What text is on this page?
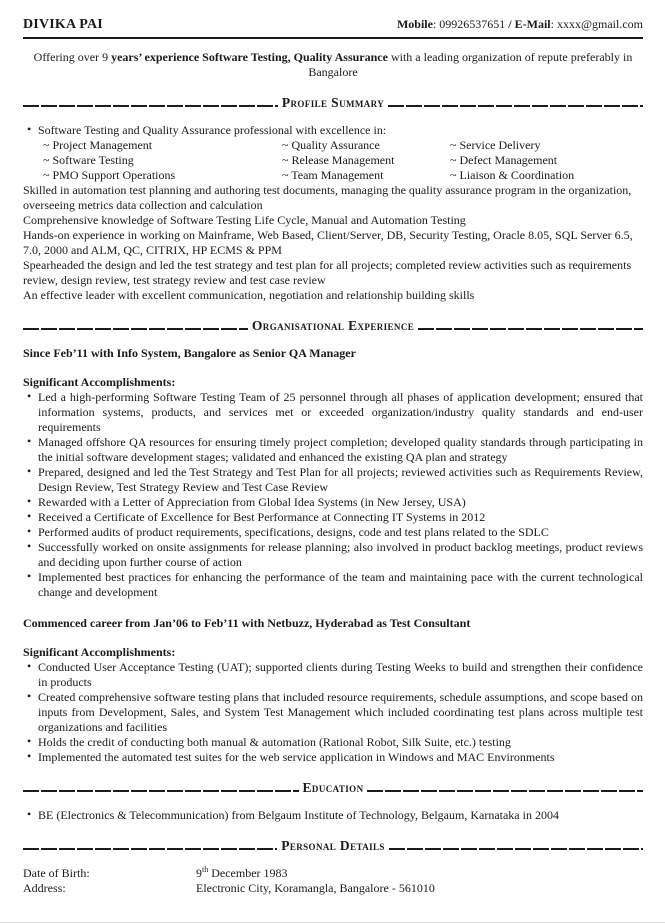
DIVIKA PAI	Mobile: 09926537651 / E-Mail: xxxx@gmail.com

Offering over 9 years’ experience Software Testing, Quality Assurance with a leading organization of repute preferably in Bangalore

Profile Summary
• Software Testing and Quality Assurance professional with excellence in:
~ Project Management	~ Quality Assurance	~ Service Delivery
~ Software Testing	~ Release Management	~ Defect Management
~ PMO Support Operations	~ Team Management	~ Liaison & Coordination
Skilled in automation test planning and authoring test documents, managing the quality assurance program in the organization, overseeing metrics data collection and calculation
Comprehensive knowledge of Software Testing Life Cycle, Manual and Automation Testing
Hands-on experience in working on Mainframe, Web Based, Client/Server, DB, Security Testing, Oracle 8.05, SQL Server 6.5, 7.0, 2000 and ALM, QC, CITRIX, HP ECMS & PPM
Spearheaded the design and led the test strategy and test plan for all projects; completed review activities such as requirements review, design review, test strategy review and test case review
An effective leader with excellent communication, negotiation and relationship building skills
Organisational Experience
Since Feb’11 with Info System, Bangalore as Senior QA Manager
Significant Accomplishments:
• Led a high-performing Software Testing Team of 25 personnel through all phases of application development; ensured that information systems, products, and services met or exceeded organization/industry quality standards and end-user requirements
• Managed offshore QA resources for ensuring timely project completion; developed quality standards through participating in the initial software development stages; validated and enhanced the existing QA plan and strategy
• Prepared, designed and led the Test Strategy and Test Plan for all projects; reviewed activities such as Requirements Review, Design Review, Test Strategy Review and Test Case Review
• Rewarded with a Letter of Appreciation from Global Idea Systems (in New Jersey, USA)
• Received a Certificate of Excellence for Best Performance at Connecting IT Systems in 2012
• Performed audits of product requirements, specifications, designs, code and test plans related to the SDLC
• Successfully worked on onsite assignments for release planning; also involved in product backlog meetings, product reviews and deciding upon further course of action
• Implemented best practices for enhancing the performance of the team and maintaining pace with the current technological change and development
Commenced career from Jan’06 to Feb’11 with Netbuzz, Hyderabad as Test Consultant
Significant Accomplishments:
• Conducted User Acceptance Testing (UAT); supported clients during Testing Weeks to build and strengthen their confidence in products
• Created comprehensive software testing plans that included resource requirements, schedule assumptions, and scope based on inputs from Development, Sales, and System Test Management which included coordinating test plans across multiple test organizations and facilities
• Holds the credit of conducting both manual & automation (Rational Robot, Silk Suite, etc.) testing
• Implemented the automated test suites for the web service application in Windows and MAC Environments
Education
• BE (Electronics & Telecommunication) from Belgaum Institute of Technology, Belgaum, Karnataka in 2004
Personal Details
Date of Birth:	9th December 1983
Address:	Electronic City, Koramangla, Bangalore - 561010
